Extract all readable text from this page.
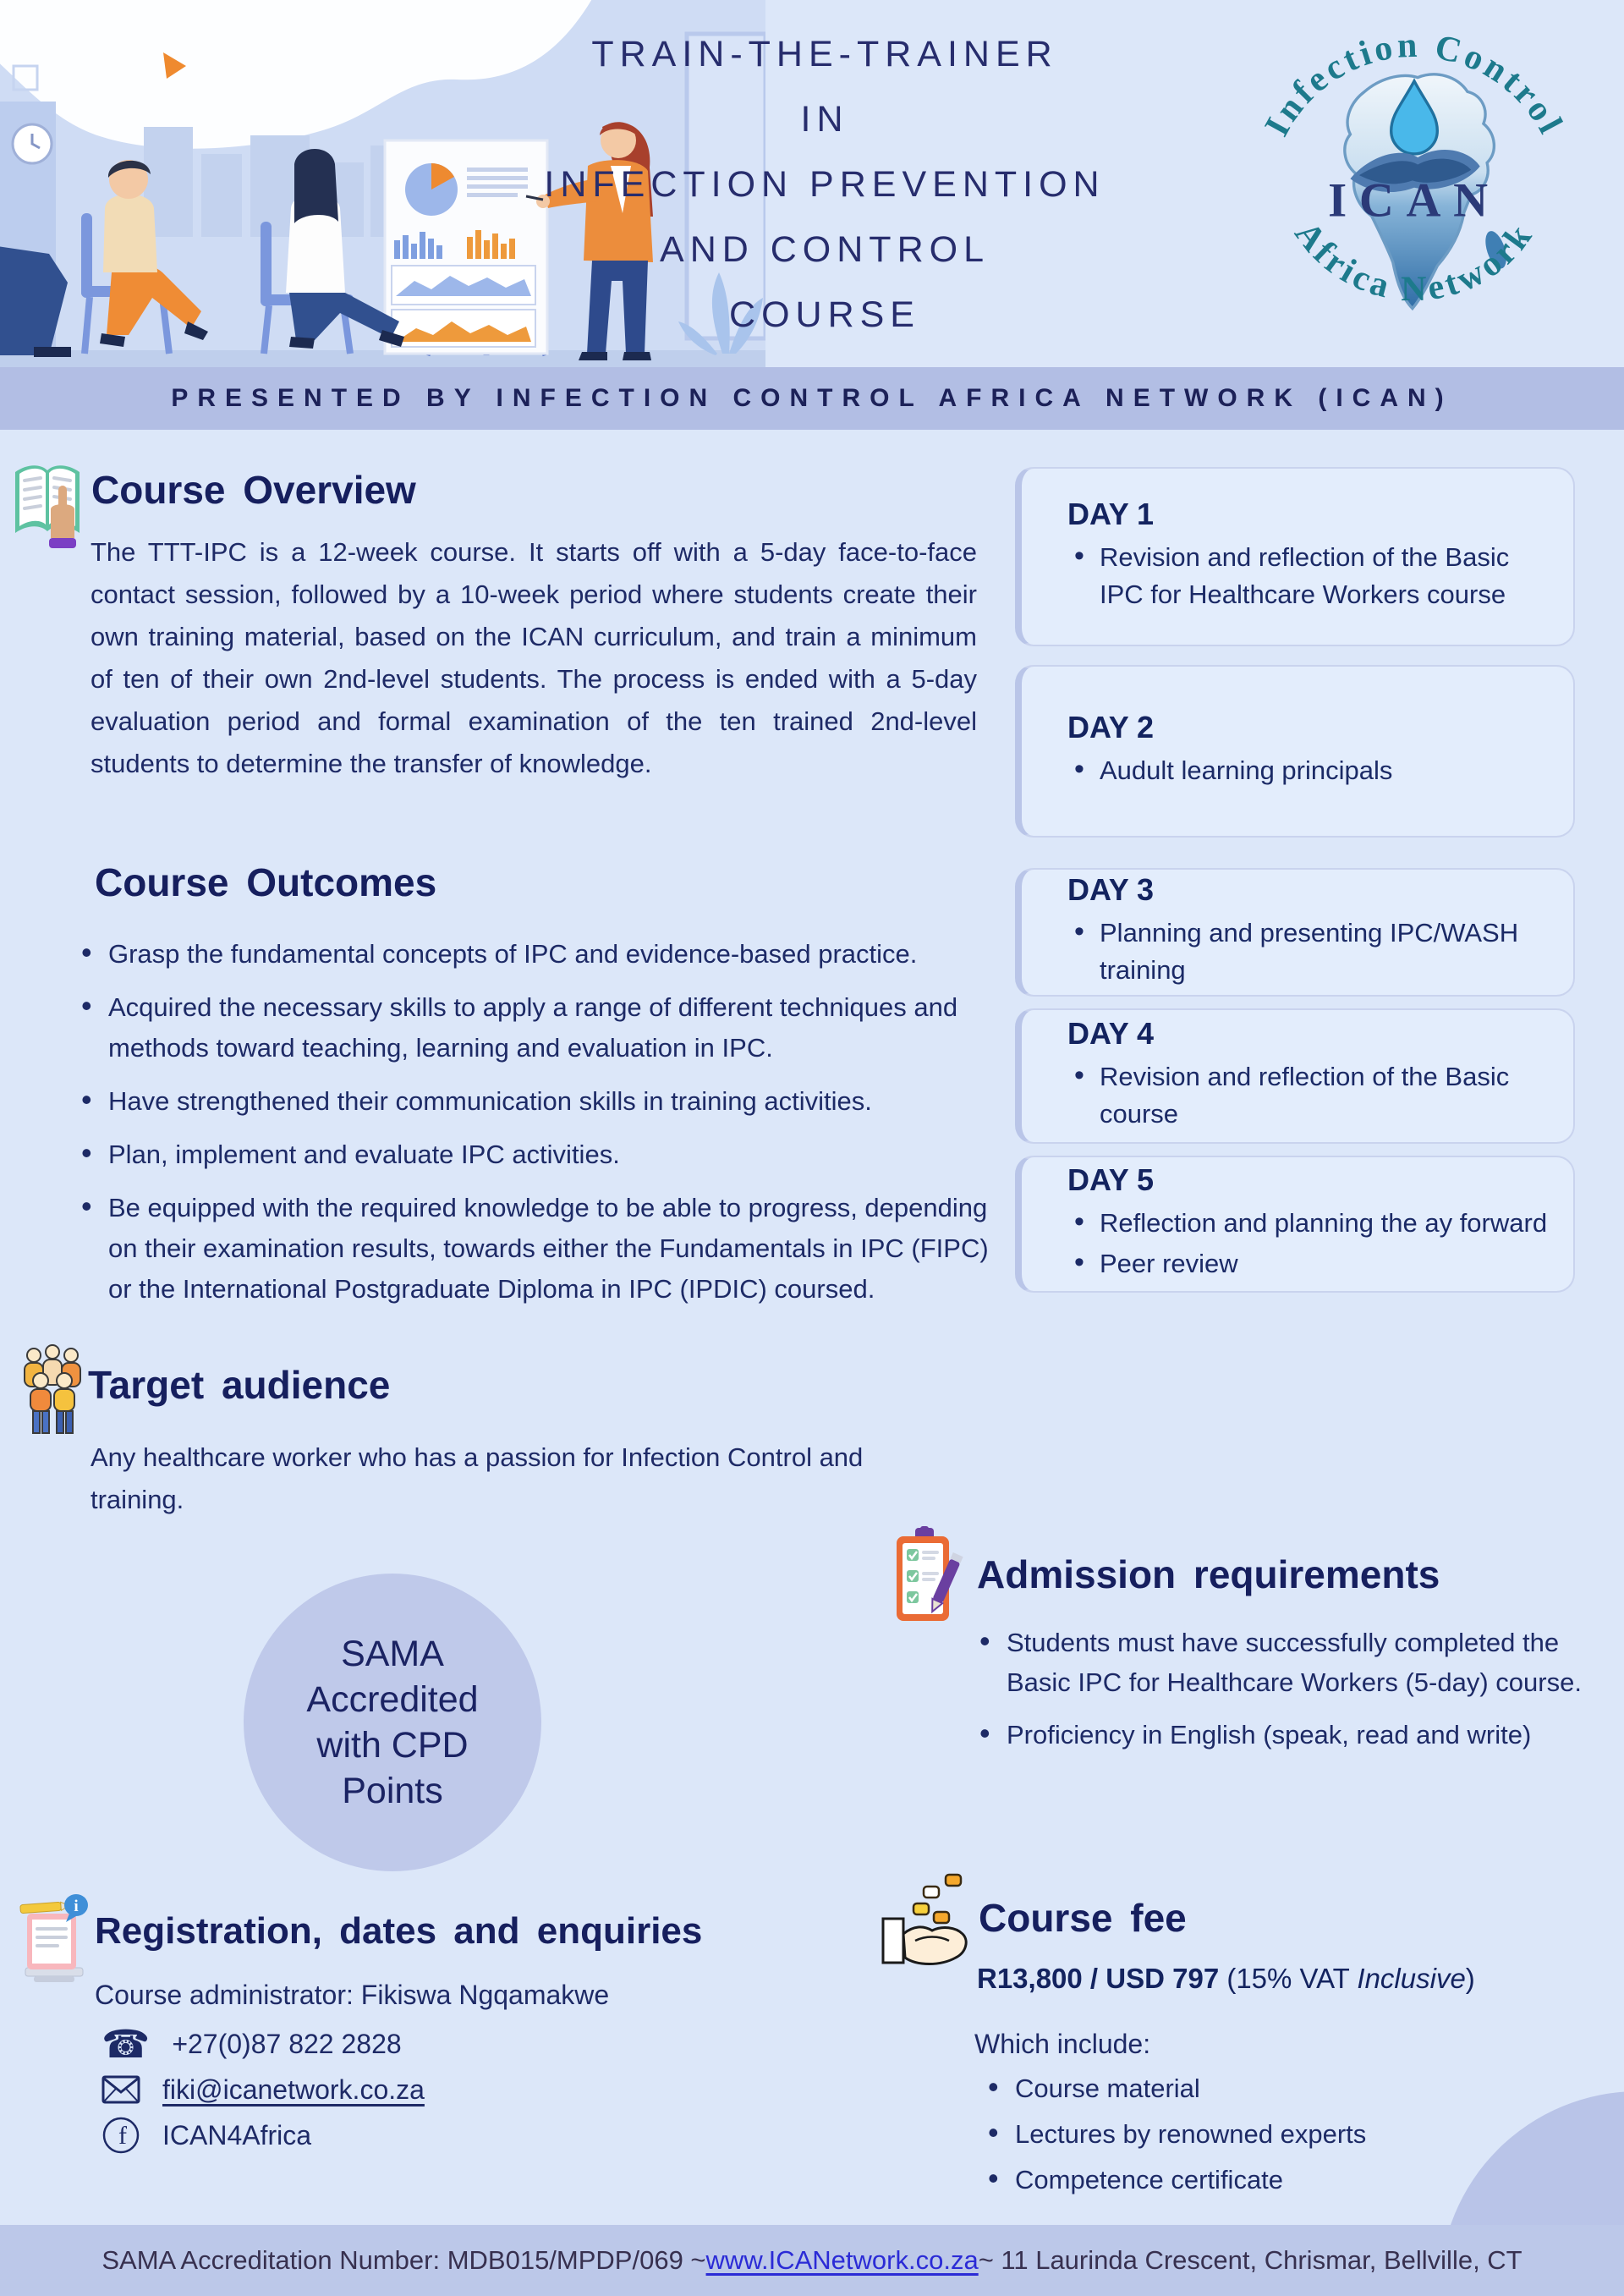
TRAIN-THE-TRAINER
IN
INFECTION PREVENTION
AND CONTROL
COURSE
ICAN
Infection Control
Africa Network
PRESENTED BY INFECTION CONTROL AFRICA NETWORK (ICAN)
Course Overview

The TTT-IPC is a 12-week course. It starts off with a 5-day face-to-face contact session, followed by a 10-week period where students create their own training material, based on the ICAN curriculum, and train a minimum of ten of their own 2nd-level students. The process is ended with a 5-day evaluation period and formal examination of the ten trained 2nd-level students to determine the transfer of knowledge.

Course Outcomes
• Grasp the fundamental concepts of IPC and evidence-based practice.
• Acquired the necessary skills to apply a range of different techniques and methods toward teaching, learning and evaluation in IPC.
• Have strengthened their communication skills in training activities.
• Plan, implement and evaluate IPC activities.
• Be equipped with the required knowledge to be able to progress, depending on their examination results, towards either the Fundamentals in IPC (FIPC) or the International Postgraduate Diploma in IPC (IPDIC) coursed.
Target audience

Any healthcare worker who has a passion for Infection Control and training.

SAMA
Accredited
with CPD
Points
i
Registration, dates and enquiries

Course administrator: Fikiswa Ngqamakwe

☎ +27(0)87 822 2828
fiki@icanetwork.co.za
f ICAN4Africa
DAY 1
• Revision and reflection of the Basic IPC for Healthcare Workers course
DAY 2
• Audult learning principals
DAY 3
• Planning and presenting IPC/WASH training
DAY 4
• Revision and reflection of the Basic course
DAY 5
• Reflection and planning the ay forward
• Peer review
Admission requirements
• Students must have successfully completed the Basic IPC for Healthcare Workers (5-day) course.
• Proficiency in English (speak, read and write)
Course fee

R13,800 / USD 797 (15% VAT Inclusive)

Which include:

• Course material
• Lectures by renowned experts
• Competence certificate
SAMA Accreditation Number: MDB015/MPDP/069 ~ www.ICANetwork.co.za ~ 11 Laurinda Crescent, Chrismar, Bellville, CT
